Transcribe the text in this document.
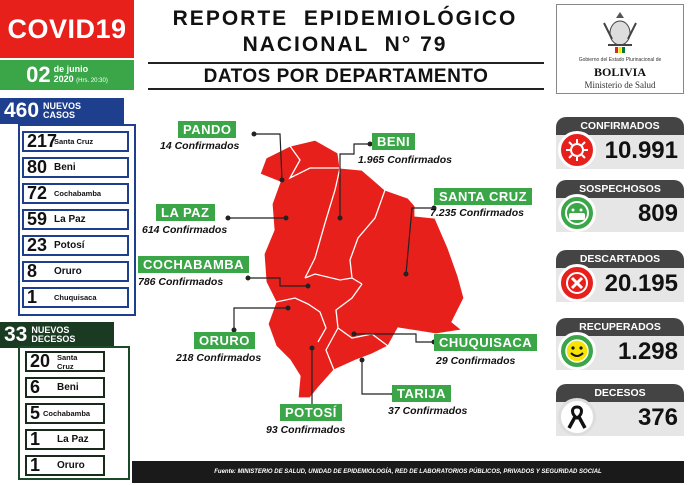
COVID19
02 de junio
2020 (Hrs. 20:30)
460 NUEVOS
CASOS
217
Santa Cruz
80 Beni
72 Cochabamba
59 La Paz
23 Potosí
8	Oruro
1	Chuquisaca
33 NUEVOS
DECESOS
20 Santa Cruz
6	Beni
5 Cochabamba
1	La Paz
1	Oruro
REPORTE  EPIDEMIOLÓGICO
NACIONAL  N° 79
DATOS POR DEPARTAMENTO
Gobierno del Estado Plurinacional de
BOLIVIA
Ministerio de Salud
PANDO
14 Confirmados	BENI
1.965 Confirmados
SANTA CRUZ
7.235 Confirmados
LA PAZ
614 Confirmados
COCHABAMBA
786 Confirmados
ORURO
218 Confirmados
CHUQUISACA
29 Confirmados
TARIJA
37 Confirmados
POTOSÍ
93 Confirmados
CONFIRMADOS
10.991
SOSPECHOSOS
809
DESCARTADOS
20.195
RECUPERADOS
1.298
DECESOS
376
Fuente: MINISTERIO DE SALUD, UNIDAD DE EPIDEMIOLOGÍA, RED DE LABORATORIOS PÚBLICOS, PRIVADOS Y SEGURIDAD SOCIAL
